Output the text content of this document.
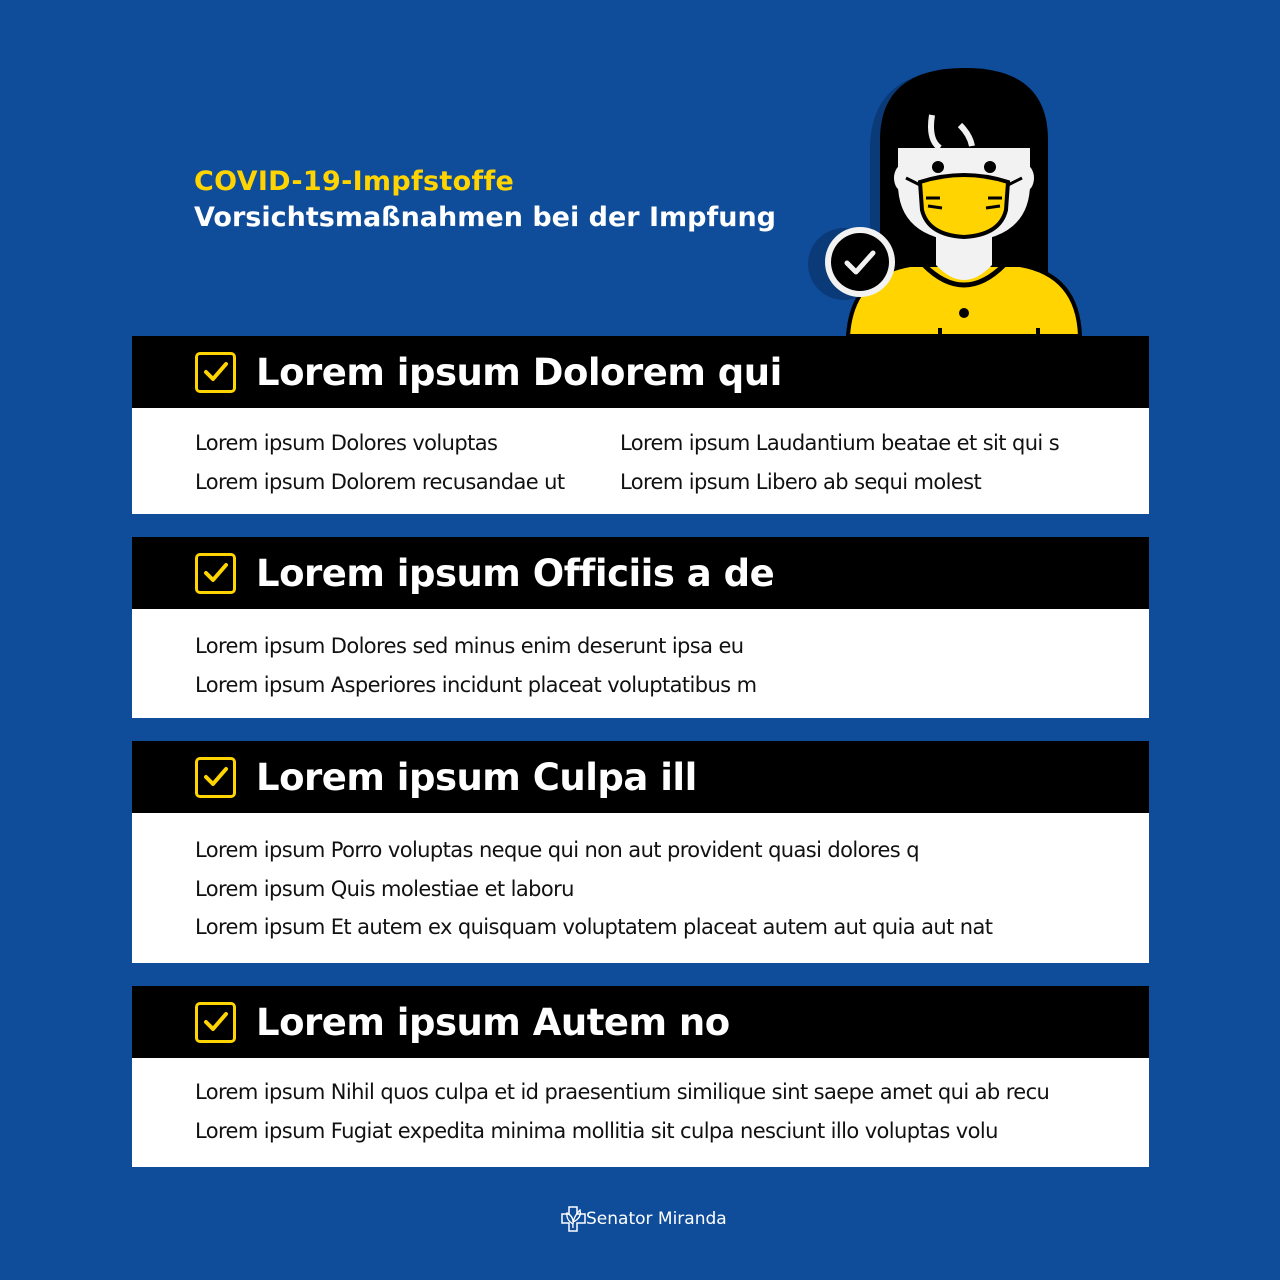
COVID-19-Impfstoffe
Vorsichtsmaßnahmen bei der Impfung
Lorem ipsum Dolorem qui
Lorem ipsum Dolores voluptas
Lorem ipsum Dolorem recusandae ut
Lorem ipsum Laudantium beatae et sit qui s
Lorem ipsum Libero ab sequi molest
Lorem ipsum Officiis a de
Lorem ipsum Dolores sed minus enim deserunt ipsa eu
Lorem ipsum Asperiores incidunt placeat voluptatibus m
Lorem ipsum Culpa ill
Lorem ipsum Porro voluptas neque qui non aut provident quasi dolores q
Lorem ipsum Quis molestiae et laboru
Lorem ipsum Et autem ex quisquam voluptatem placeat autem aut quia aut nat
Lorem ipsum Autem no
Lorem ipsum Nihil quos culpa et id praesentium similique sint saepe amet qui ab recu
Lorem ipsum Fugiat expedita minima mollitia sit culpa nesciunt illo voluptas volu
Senator Miranda
